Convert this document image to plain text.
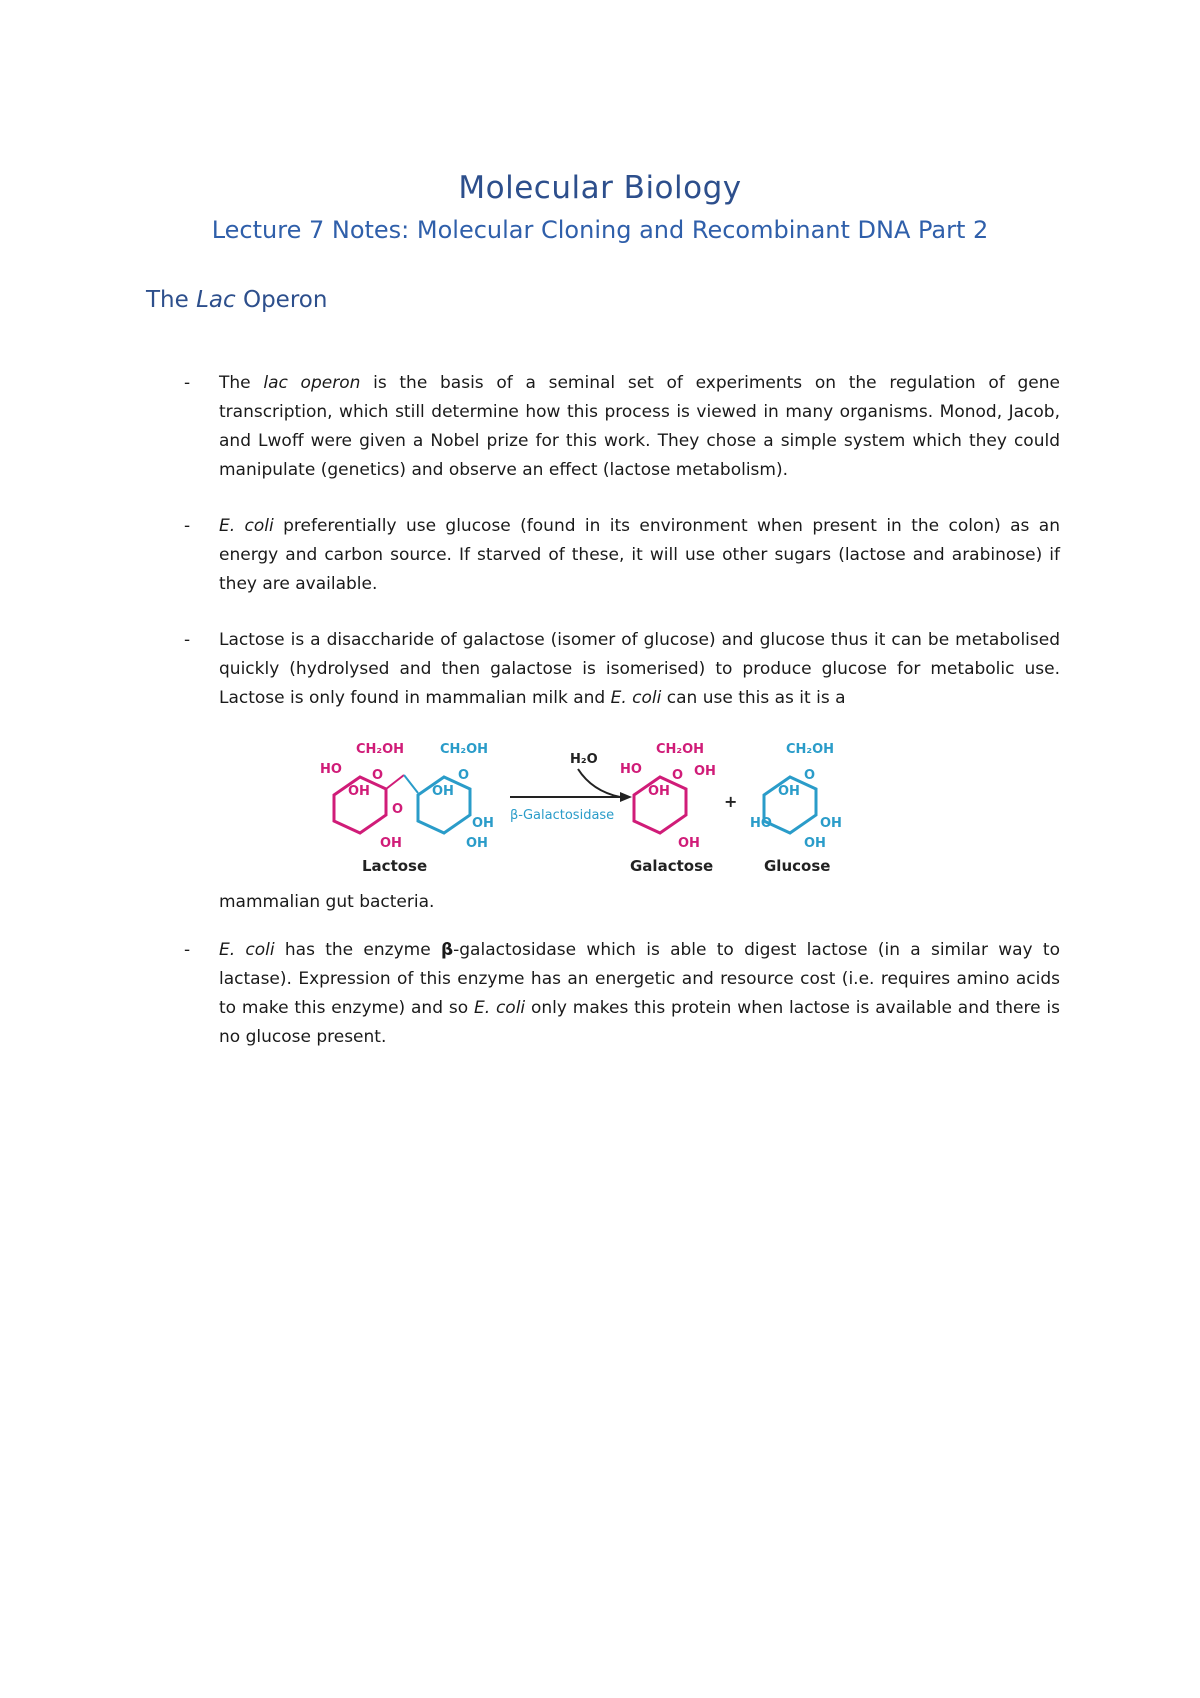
Molecular Biology
Lecture 7 Notes: Molecular Cloning and Recombinant DNA Part 2
The Lac Operon
- The lac operon is the basis of a seminal set of experiments on the regulation of gene transcription, which still determine how this process is viewed in many organisms. Monod, Jacob, and Lwoff were given a Nobel prize for this work. They chose a simple system which they could manipulate (genetics) and observe an effect (lactose metabolism).
- E. coli preferentially use glucose (found in its environment when present in the colon) as an energy and carbon source. If starved of these, it will use other sugars (lactose and arabinose) if they are available.
- Lactose is a disaccharide of galactose (isomer of glucose) and glucose thus it can be metabolised quickly (hydrolysed and then galactose is isomerised) to produce glucose for metabolic use. Lactose is only found in mammalian milk and E. coli can use this as it is a
CH₂OH
HO O
OH
OH
O
CH₂OH
O
OH
OH
OH
Lactose
H₂O
β-Galactosidase
CH₂OH
HO O OH
OH
OH
Galactose
+
CH₂OH
O
OH
HO	OH
OH
Glucose
mammalian gut bacteria.
- E. coli has the enzyme β-galactosidase which is able to digest lactose (in a similar way to lactase). Expression of this enzyme has an energetic and resource cost (i.e. requires amino acids to make this enzyme) and so E. coli only makes this protein when lactose is available and there is no glucose present.
